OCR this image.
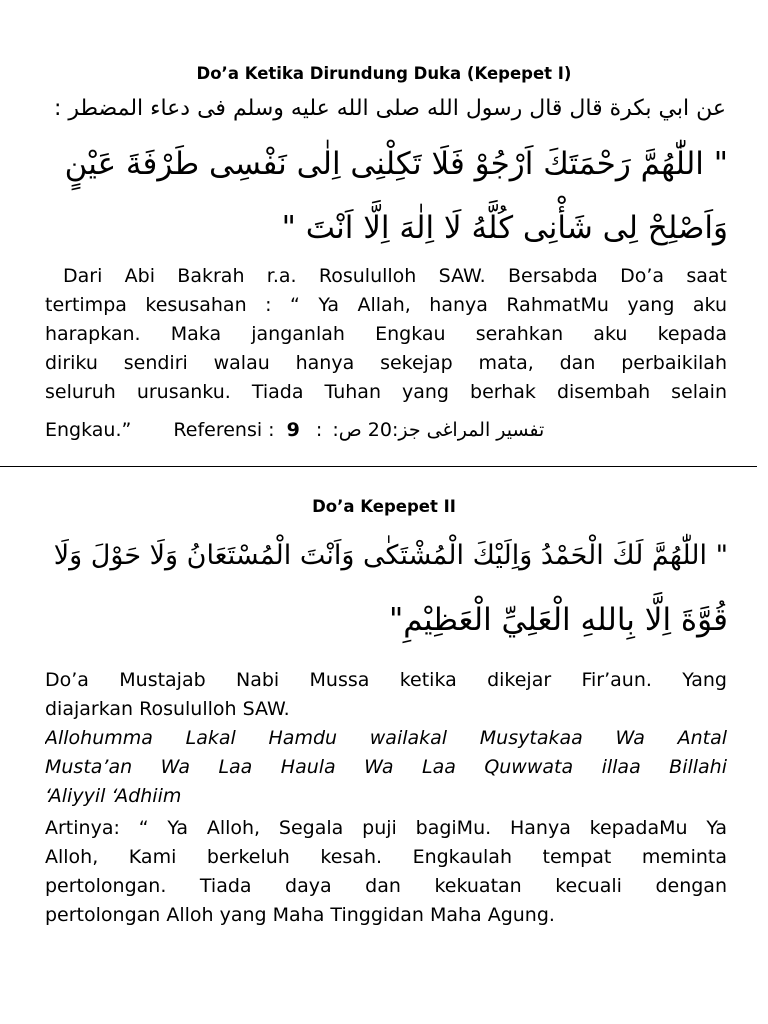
Do’a Ketika Dirundung Duka (Kepepet I)
عن ابي بكرة قال قال رسول الله صلى الله عليه وسلم فى دعاء المضطر :
" اللّٰهُمَّ رَحْمَتَكَ اَرْجُوْ فَلَا تَكِلْنِى اِلٰى نَفْسِى طَرْفَةَ عَيْنٍ
وَاَصْلِحْ لِى شَأْنِى كُلَّهُ لَا اِلٰهَ اِلَّا اَنْتَ "
Dari Abi Bakrah r.a. Rosululloh SAW. Bersabda Do’a saat
tertimpa kesusahan : “ Ya Allah, hanya RahmatMu yang aku
harapkan. Maka janganlah Engkau serahkan aku kepada
diriku sendiri walau hanya sekejap mata, dan perbaikilah
seluruh urusanku. Tiada Tuhan yang berhak disembah selain
Engkau.” Referensi : 9 : تفسير المراغى جز:20 ص:
Do’a Kepepet II
" اللّٰهُمَّ لَكَ الْحَمْدُ وَاِلَيْكَ الْمُشْتَكٰى وَاَنْتَ الْمُسْتَعَانُ وَلَا حَوْلَ وَلَا
قُوَّةَ اِلَّا بِاللهِ الْعَلِيِّ الْعَظِيْمِ"
Do’a Mustajab Nabi Mussa ketika dikejar Fir’aun. Yang
diajarkan Rosululloh SAW.
Allohumma Lakal Hamdu wailakal Musytakaa Wa Antal
Musta’an Wa Laa Haula Wa Laa Quwwata illaa Billahi
‘Aliyyil ‘Adhiim
Artinya: “ Ya Alloh, Segala puji bagiMu. Hanya kepadaMu Ya
Alloh, Kami berkeluh kesah. Engkaulah tempat meminta
pertolongan. Tiada daya dan kekuatan kecuali dengan
pertolongan Alloh yang Maha Tinggidan Maha Agung.
